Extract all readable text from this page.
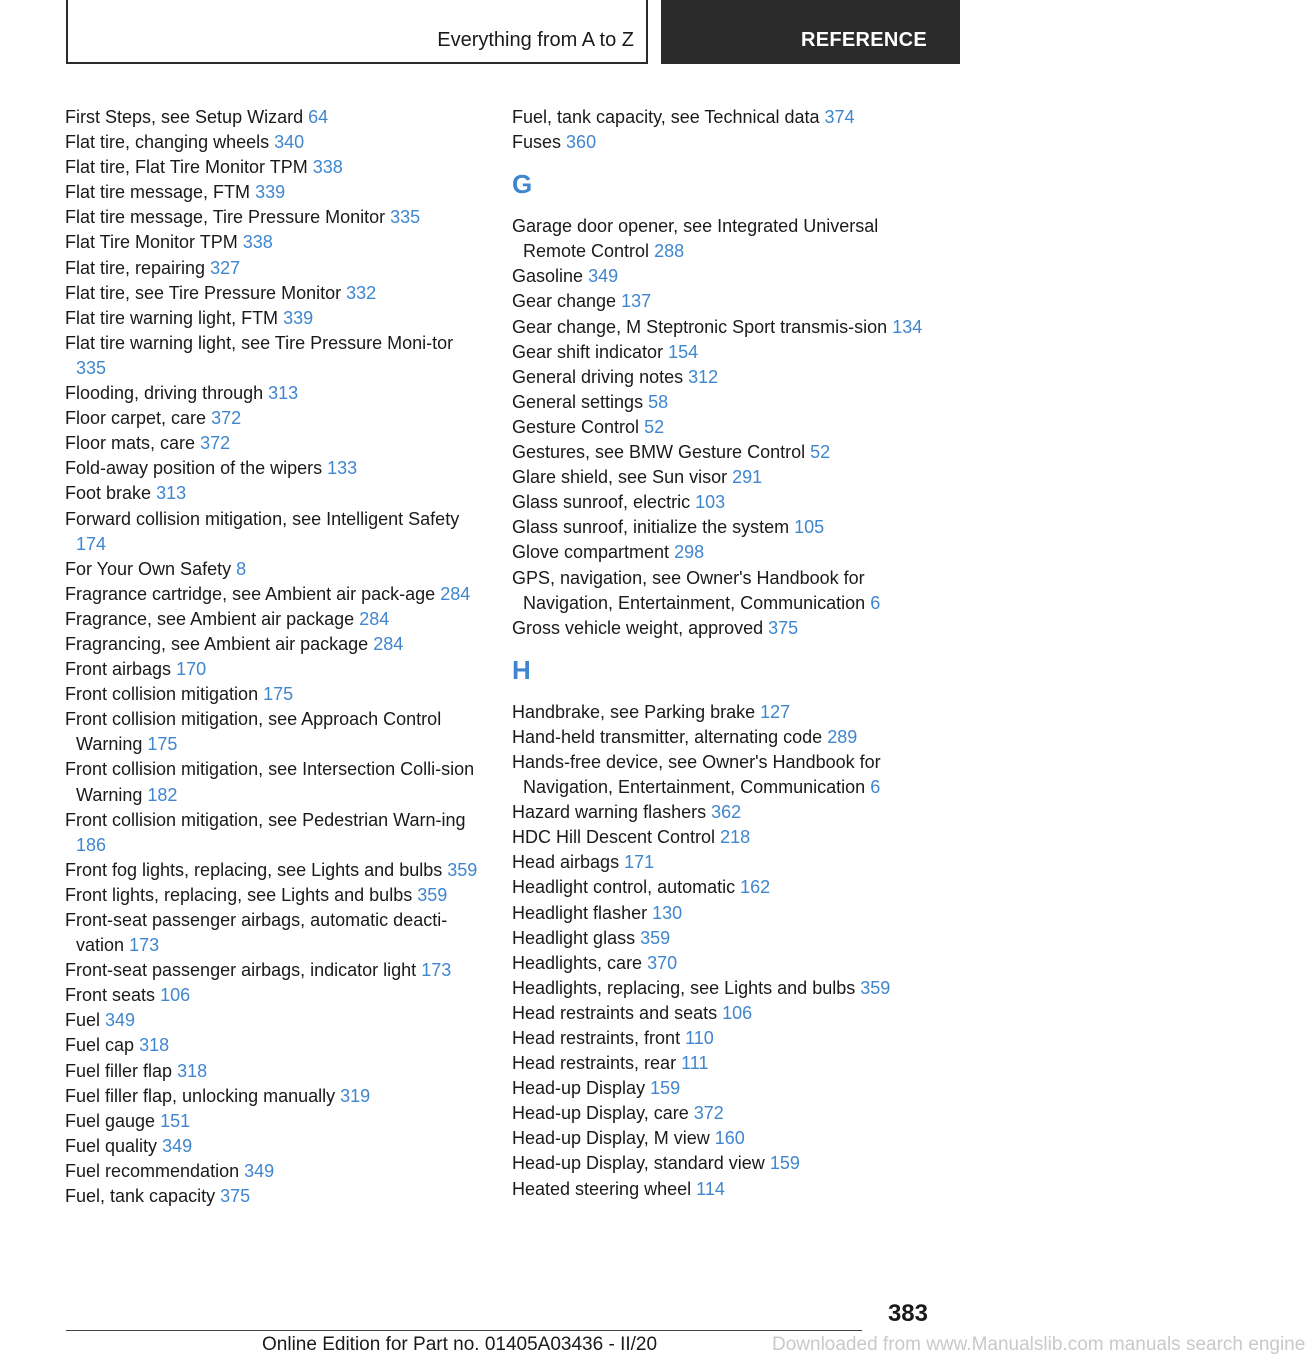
Everything from A to Z	REFERENCE

First Steps, see Setup Wizard 64

Flat tire, changing wheels 340

Flat tire, Flat Tire Monitor TPM 338

Flat tire message, FTM 339

Flat tire message, Tire Pressure Monitor 335

Flat Tire Monitor TPM 338

Flat tire, repairing 327

Flat tire, see Tire Pressure Monitor 332

Flat tire warning light, FTM 339

Flat tire warning light, see Tire Pressure Moni‐tor 335

Flooding, driving through 313

Floor carpet, care 372

Floor mats, care 372

Fold-away position of the wipers 133

Foot brake 313

Forward collision mitigation, see Intelligent Safety 174

For Your Own Safety 8

Fragrance cartridge, see Ambient air pack‐age 284

Fragrance, see Ambient air package 284

Fragrancing, see Ambient air package 284

Front airbags 170

Front collision mitigation 175

Front collision mitigation, see Approach Control Warning 175

Front collision mitigation, see Intersection Colli‐sion Warning 182

Front collision mitigation, see Pedestrian Warn‐ing 186

Front fog lights, replacing, see Lights and bulbs 359

Front lights, replacing, see Lights and bulbs 359

Front-seat passenger airbags, automatic deacti‐vation 173

Front-seat passenger airbags, indicator light 173

Front seats 106

Fuel 349

Fuel cap 318

Fuel filler flap 318

Fuel filler flap, unlocking manually 319

Fuel gauge 151

Fuel quality 349

Fuel recommendation 349

Fuel, tank capacity 375

Fuel, tank capacity, see Technical data 374

Fuses 360

G

Garage door opener, see Integrated Universal Remote Control 288

Gasoline 349

Gear change 137

Gear change, M Steptronic Sport transmis‐sion 134

Gear shift indicator 154

General driving notes 312

General settings 58

Gesture Control 52

Gestures, see BMW Gesture Control 52

Glare shield, see Sun visor 291

Glass sunroof, electric 103

Glass sunroof, initialize the system 105

Glove compartment 298

GPS, navigation, see Owner's Handbook for Navigation, Entertainment, Communication 6

Gross vehicle weight, approved 375

H

Handbrake, see Parking brake 127

Hand-held transmitter, alternating code 289

Hands-free device, see Owner's Handbook for Navigation, Entertainment, Communication 6

Hazard warning flashers 362

HDC Hill Descent Control 218

Head airbags 171

Headlight control, automatic 162

Headlight flasher 130

Headlight glass 359

Headlights, care 370

Headlights, replacing, see Lights and bulbs 359

Head restraints and seats 106

Head restraints, front 110

Head restraints, rear 111

Head-up Display 159

Head-up Display, care 372

Head-up Display, M view 160

Head-up Display, standard view 159

Heated steering wheel 114

383
Online Edition for Part no. 01405A03436 - II/20	Downloaded from www.Manualslib.com manuals search engine
